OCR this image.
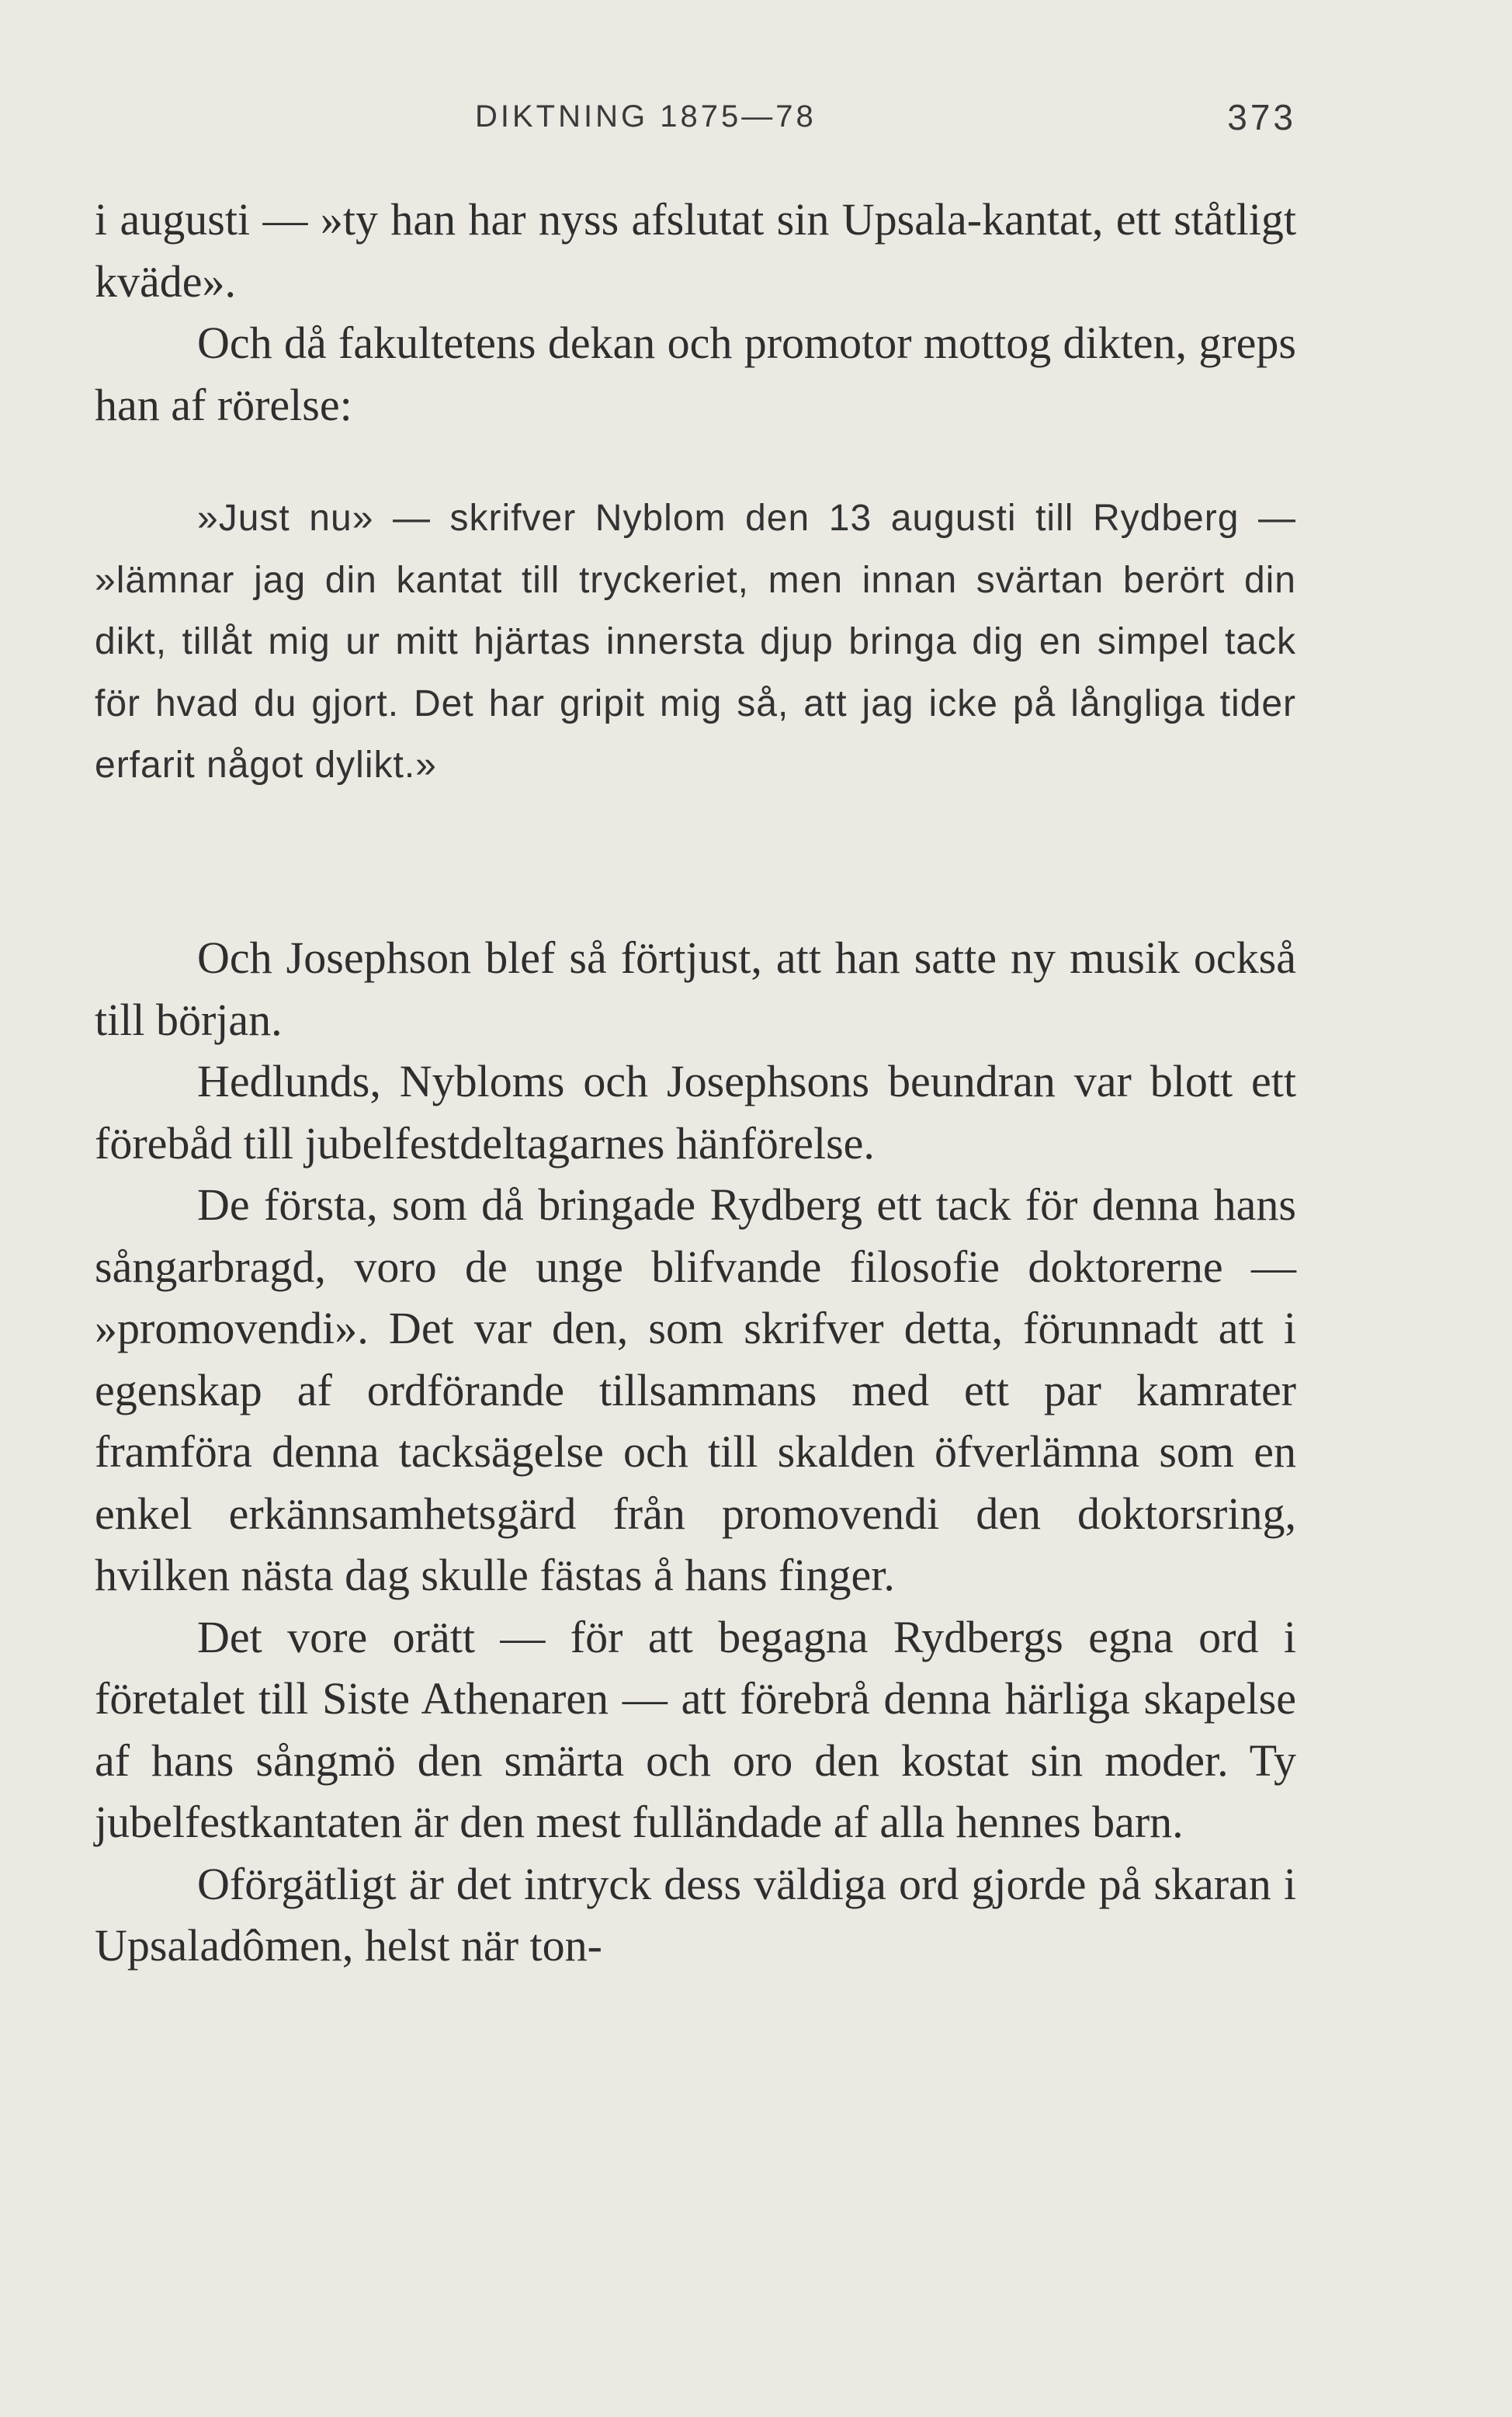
DIKTNING 1875—78	373

i augusti — »ty han har nyss afslutat sin Upsala-kantat, ett ståtligt kväde».

Och då fakultetens dekan och promotor mottog dikten, greps han af rörelse:

»Just nu» — skrifver Nyblom den 13 augusti till Rydberg — »lämnar jag din kantat till tryckeriet, men innan svärtan berört din dikt, tillåt mig ur mitt hjärtas innersta djup bringa dig en simpel tack för hvad du gjort. Det har gripit mig så, att jag icke på långliga tider erfarit något dylikt.»

Och Josephson blef så förtjust, att han satte ny musik också till början.

Hedlunds, Nybloms och Josephsons beundran var blott ett förebåd till jubelfestdeltagarnes hänförelse.

De första, som då bringade Rydberg ett tack för denna hans sångarbragd, voro de unge blifvande filosofie doktorerne — »promovendi». Det var den, som skrifver detta, förunnadt att i egenskap af ordförande tillsammans med ett par kamrater framföra denna tacksägelse och till skalden öfverlämna som en enkel erkännsamhetsgärd från promovendi den doktorsring, hvilken nästa dag skulle fästas å hans finger.

Det vore orätt — för att begagna Rydbergs egna ord i företalet till Siste Athenaren — att förebrå denna härliga skapelse af hans sångmö den smärta och oro den kostat sin moder. Ty jubelfestkantaten är den mest fulländade af alla hennes barn.

Oförgätligt är det intryck dess väldiga ord gjorde på skaran i Upsaladômen, helst när ton-
